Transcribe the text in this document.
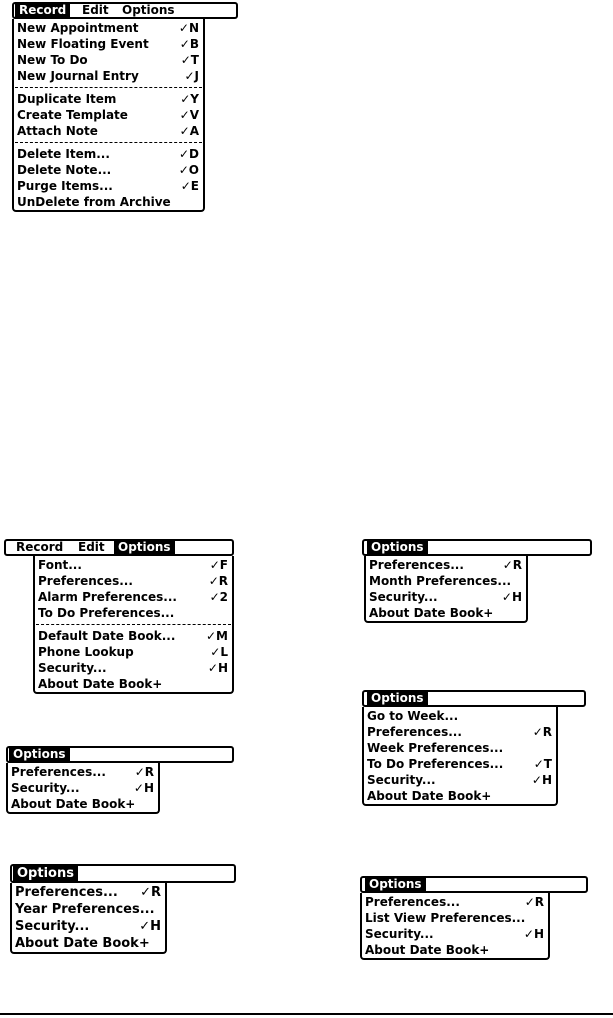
Record	Edit	Options
New Appointment	✓N
New Floating Event	✓B
New To Do	✓T
New Journal Entry	✓J
Duplicate Item	✓Y
Create Template	✓V
Attach Note	✓A
Delete Item...	✓D
Delete Note...	✓O
Purge Items...	✓E
UnDelete from Archive
Record	Edit	Options
Font...	✓F
Preferences...	✓R
Alarm Preferences...	✓2
To Do Preferences...
Default Date Book...	✓M
Phone Lookup	✓L
Security...	✓H
About Date Book+
Options
Preferences... ✓R
Security...	✓H
About Date Book+
Options
Preferences... ✓R
Year Preferences...
Security...	✓H
About Date Book+
Options
Preferences...	✓R
Month Preferences...
Security...	✓H
About Date Book+
Options
Go to Week...
Preferences...	✓R
Week Preferences...
To Do Preferences...	✓T
Security...	✓H
About Date Book+
Options
Preferences...	✓R
List View Preferences...
Security...	✓H
About Date Book+
